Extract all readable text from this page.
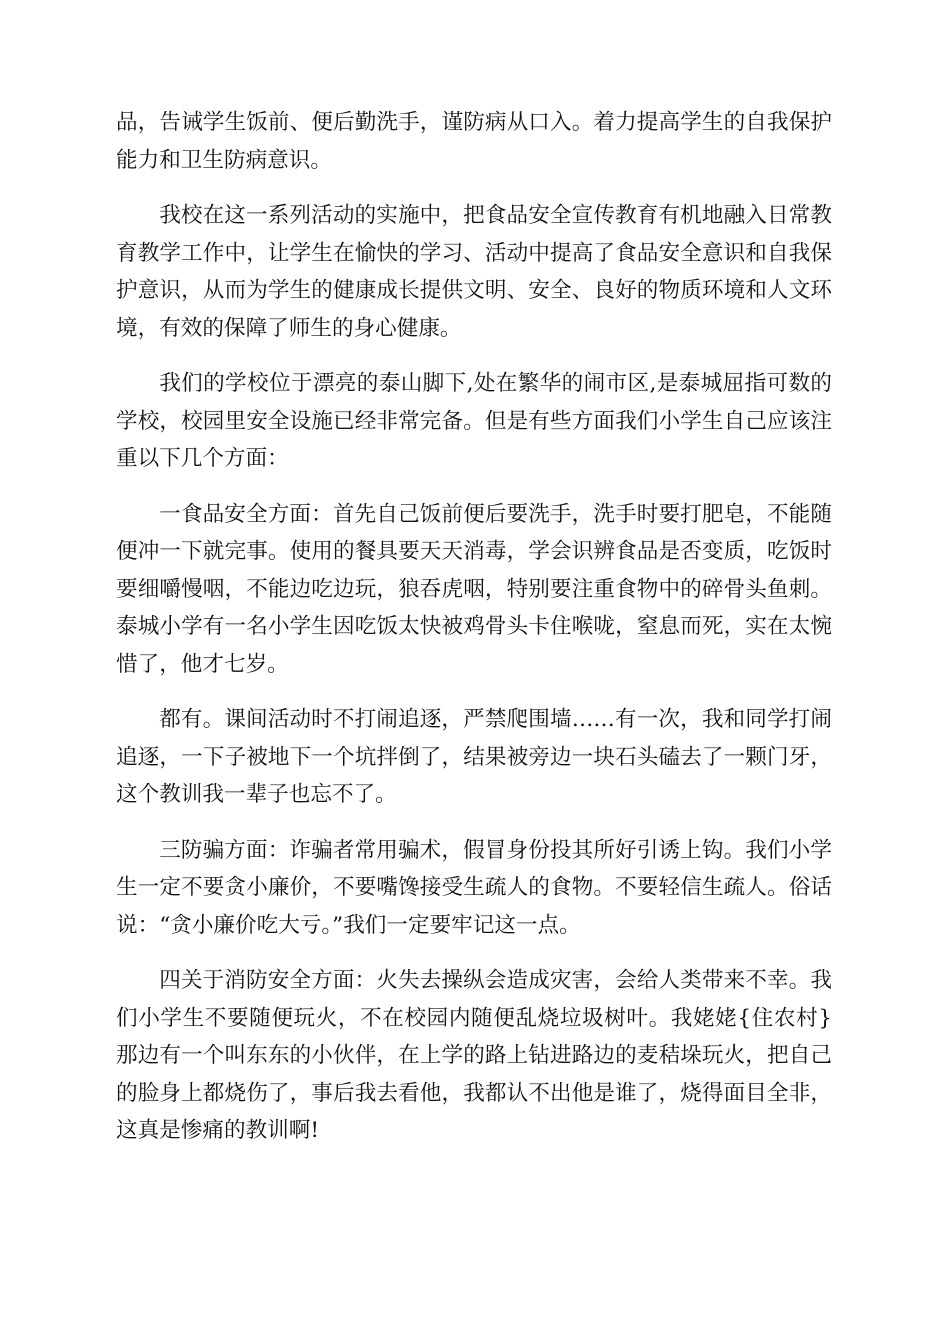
品，告诫学生饭前、便后勤洗手，谨防病从口入。着力提高学生的自我保护能力和卫生防病意识。

我校在这一系列活动的实施中，把食品安全宣传教育有机地融入日常教育教学工作中，让学生在愉快的学习、活动中提高了食品安全意识和自我保护意识，从而为学生的健康成长提供文明、安全、良好的物质环境和人文环境，有效的保障了师生的身心健康。

我们的学校位于漂亮的泰山脚下,处在繁华的闹市区,是泰城屈指可数的学校，校园里安全设施已经非常完备。但是有些方面我们小学生自己应该注重以下几个方面：

一食品安全方面：首先自己饭前便后要洗手，洗手时要打肥皂，不能随便冲一下就完事。使用的餐具要天天消毒，学会识辨食品是否变质，吃饭时要细嚼慢咽，不能边吃边玩，狼吞虎咽，特别要注重食物中的碎骨头鱼刺。泰城小学有一名小学生因吃饭太快被鸡骨头卡住喉咙，窒息而死，实在太惋惜了，他才七岁。

都有。课间活动时不打闹追逐，严禁爬围墙……有一次，我和同学打闹追逐，一下子被地下一个坑拌倒了，结果被旁边一块石头磕去了一颗门牙，这个教训我一辈子也忘不了。

三防骗方面：诈骗者常用骗术，假冒身份投其所好引诱上钩。我们小学生一定不要贪小廉价，不要嘴馋接受生疏人的食物。不要轻信生疏人。俗话说：“贪小廉价吃大亏。”我们一定要牢记这一点。

四关于消防安全方面：火失去操纵会造成灾害，会给人类带来不幸。我们小学生不要随便玩火，不在校园内随便乱烧垃圾树叶。我姥姥{住农村}那边有一个叫东东的小伙伴，在上学的路上钻进路边的麦秸垛玩火，把自己的脸身上都烧伤了，事后我去看他，我都认不出他是谁了，烧得面目全非，这真是惨痛的教训啊!
